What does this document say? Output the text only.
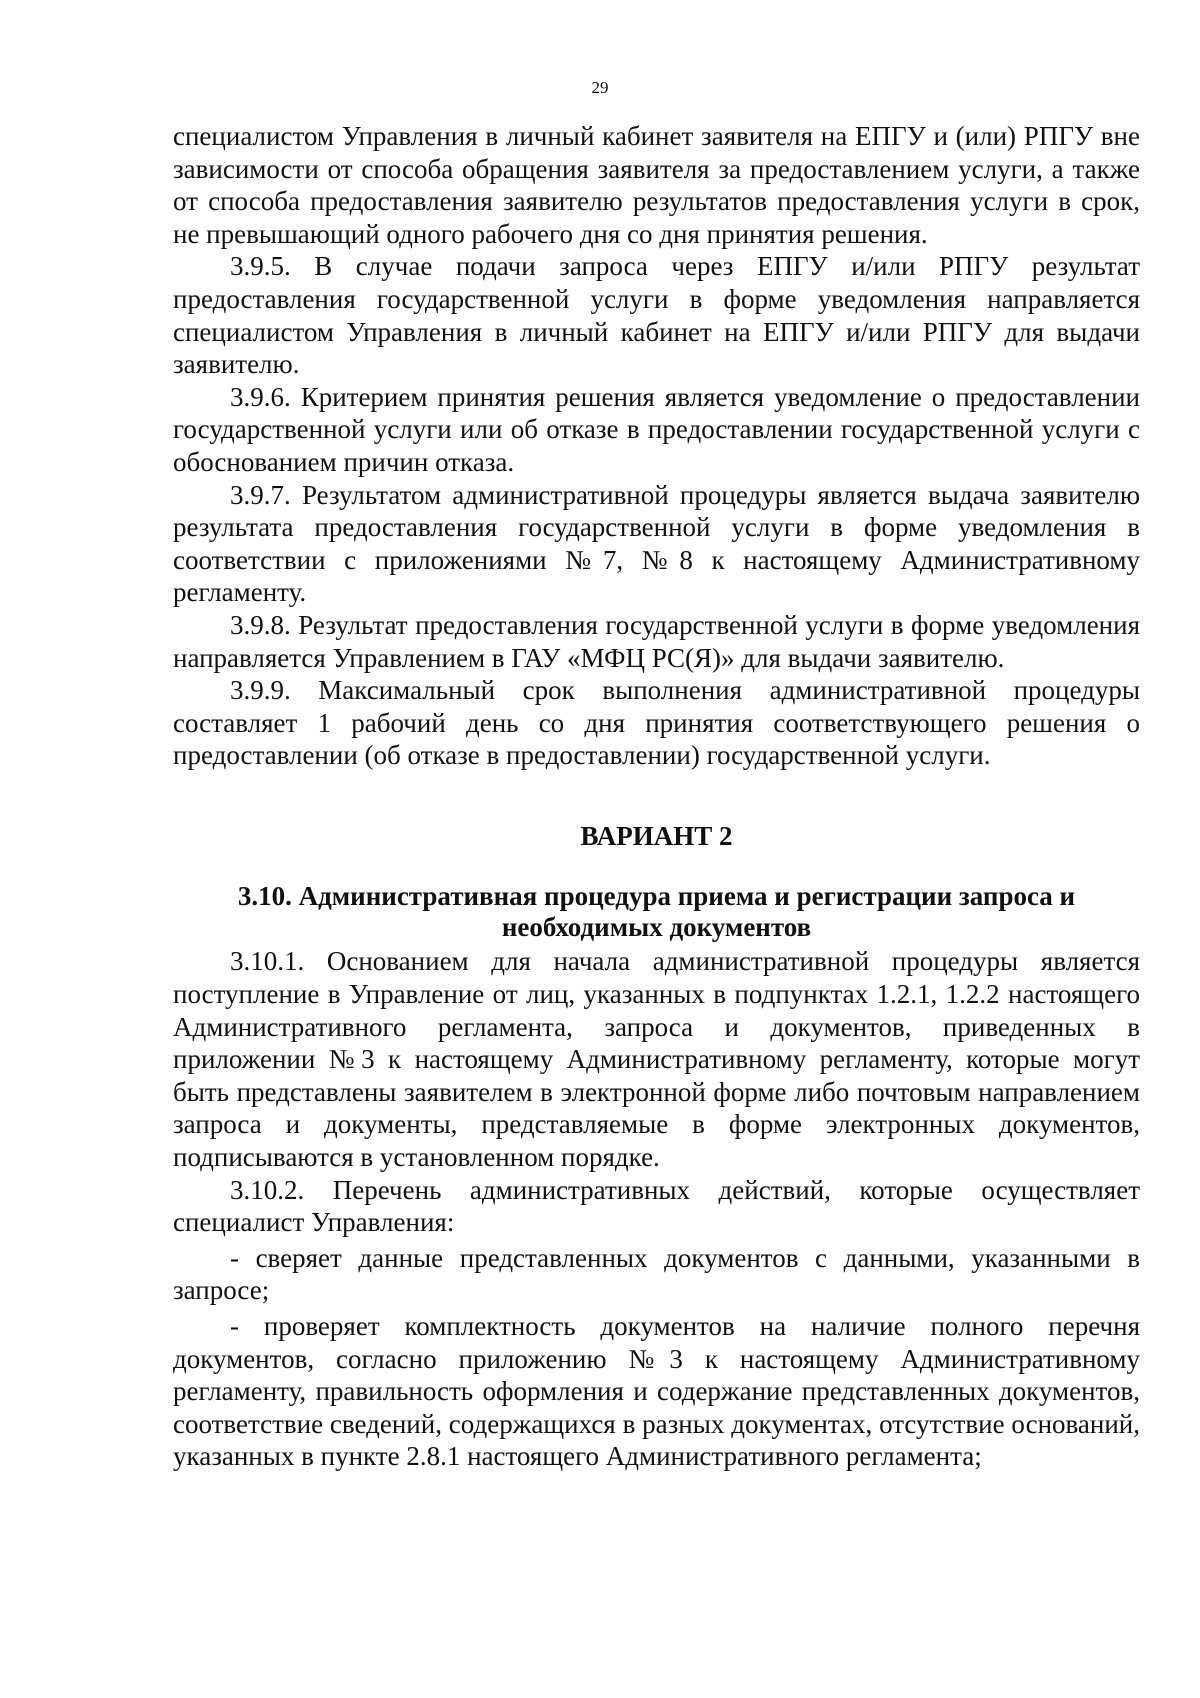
29

специалистом Управления в личный кабинет заявителя на ЕПГУ и (или) РПГУ вне зависимости от способа обращения заявителя за предоставлением услуги, а также от способа предоставления заявителю результатов предоставления услуги в срок, не превышающий одного рабочего дня со дня принятия решения.

3.9.5. В случае подачи запроса через ЕПГУ и/или РПГУ результат предоставления государственной услуги в форме уведомления направляется специалистом Управления в личный кабинет на ЕПГУ и/или РПГУ для выдачи заявителю.

3.9.6. Критерием принятия решения является уведомление о предоставлении государственной услуги или об отказе в предоставлении государственной услуги с обоснованием причин отказа.

3.9.7. Результатом административной процедуры является выдача заявителю результата предоставления государственной услуги в форме уведомления в соответствии с приложениями №7, №8 к настоящему Административному регламенту.

3.9.8. Результат предоставления государственной услуги в форме уведомления направляется Управлением в ГАУ «МФЦ РС(Я)» для выдачи заявителю.

3.9.9. Максимальный срок выполнения административной процедуры составляет 1 рабочий день со дня принятия соответствующего решения о предоставлении (об отказе в предоставлении) государственной услуги.

ВАРИАНТ 2
3.10. Административная процедура приема и регистрации запроса и
необходимых документов

3.10.1. Основанием для начала административной процедуры является поступление в Управление от лиц, указанных в подпунктах 1.2.1, 1.2.2 настоящего Административного регламента, запроса и документов, приведенных в приложении №3 к настоящему Административному регламенту, которые могут быть представлены заявителем в электронной форме либо почтовым направлением запроса и документы, представляемые в форме электронных документов, подписываются в установленном порядке.

3.10.2. Перечень административных действий, которые осуществляет специалист Управления:

- сверяет данные представленных документов с данными, указанными в запросе;

- проверяет комплектность документов на наличие полного перечня документов, согласно приложению №3 к настоящему Административному регламенту, правильность оформления и содержание представленных документов, соответствие сведений, содержащихся в разных документах, отсутствие оснований, указанных в пункте 2.8.1 настоящего Административного регламента;
